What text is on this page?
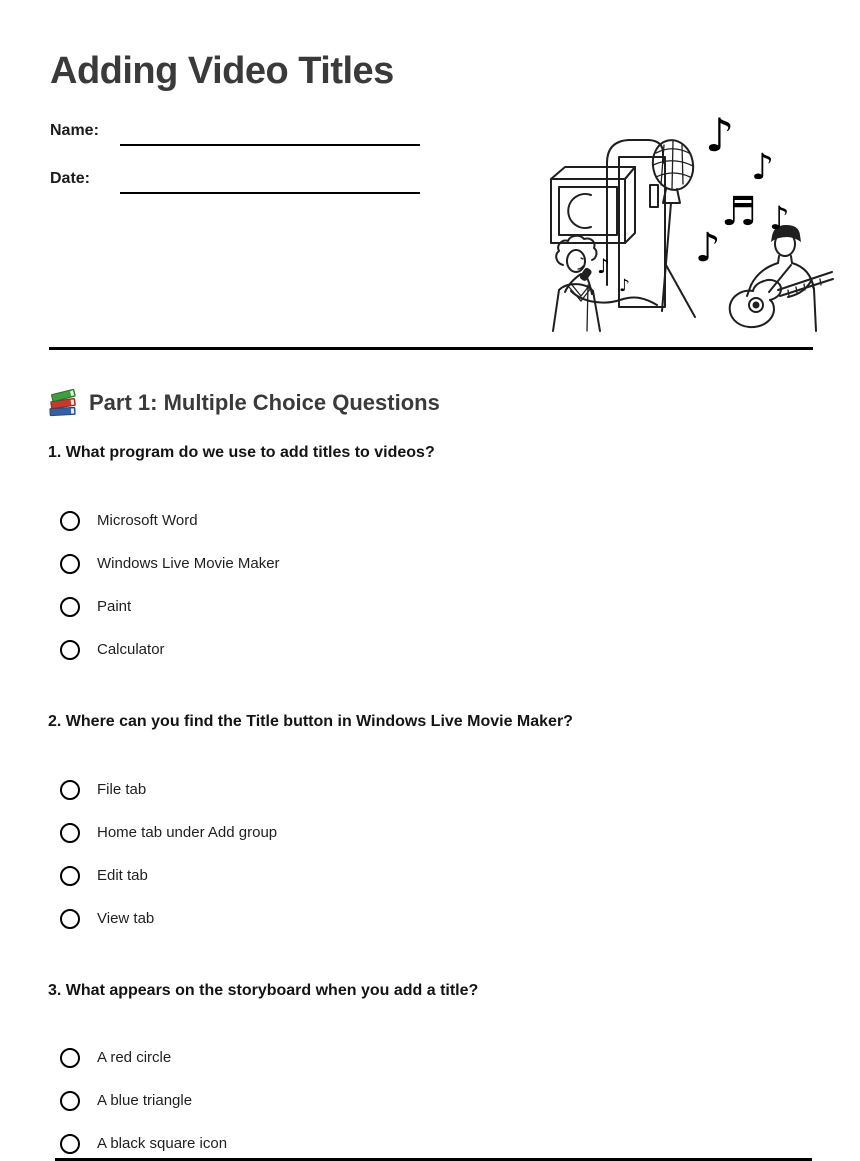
Adding Video Titles
Name:
Date:
♪
♪
♬ ♪
♪
♪
♪
Part 1: Multiple Choice Questions
1. What program do we use to add titles to videos?
Microsoft Word
Windows Live Movie Maker
Paint
Calculator
2. Where can you find the Title button in Windows Live Movie Maker?
File tab
Home tab under Add group
Edit tab
View tab
3. What appears on the storyboard when you add a title?
A red circle
A blue triangle
A black square icon
